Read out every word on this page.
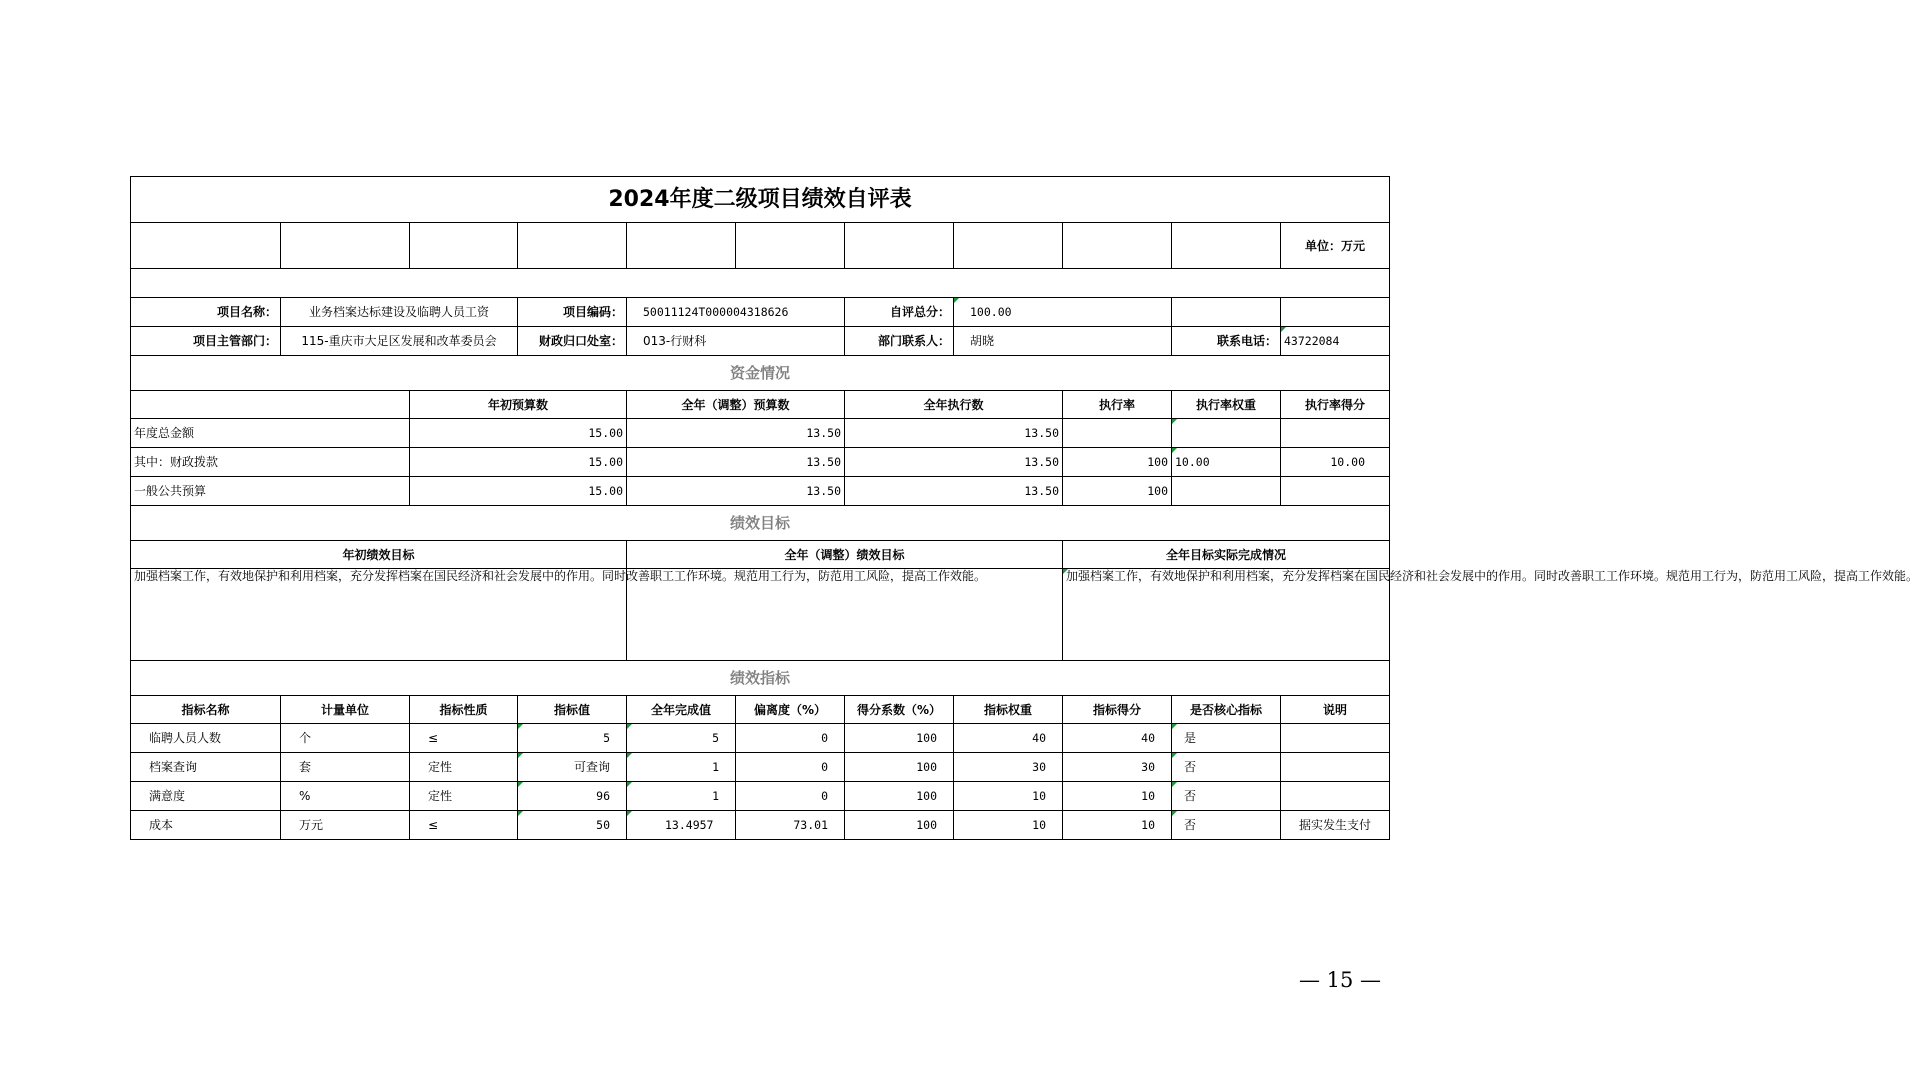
2024年度二级项目绩效自评表										
										单位：万元

项目名称：	业务档案达标建设及临聘人员工资		项目编码：	50011124T000004318626		自评总分：	100.00			
项目主管部门：	115-重庆市大足区发展和改革委员会		财政归口处室：	013-行财科		部门联系人：	胡晓		联系电话：	43722084
资金情况										
		年初预算数		全年（调整）预算数		全年执行数		执行率	执行率权重	执行率得分
年度总金额		15.00		13.50		13.50				
其中：财政拨款		15.00		13.50		13.50		100	10.00	10.00
一般公共预算		15.00		13.50		13.50		100		
绩效目标										
年初绩效目标				全年（调整）绩效目标				全年目标实际完成情况		
加强档案工作，有效地保护和利用档案，充分发挥档案在国民经济和社会发展中的作用。同时改善职工工作环境。规范用工行为，防范用工风险，提高工作效能。								加强档案工作，有效地保护和利用档案，充分发挥档案在国民经济和社会发展中的作用。同时改善职工工作环境。规范用工行为，防范用工风险，提高工作效能。		
绩效指标										
指标名称	计量单位	指标性质	指标值	全年完成值	偏离度（%）	得分系数（%）	指标权重	指标得分	是否核心指标	说明
临聘人员人数	个	≤	5	5	0	100	40	40	是	
档案查询	套	定性	可查询	1	0	100	30	30	否	
满意度	%	定性	96	1	0	100	10	10	否	
成本	万元	≤	50	13.4957	73.01	100	10	10	否	据实发生支付
— 15 —
